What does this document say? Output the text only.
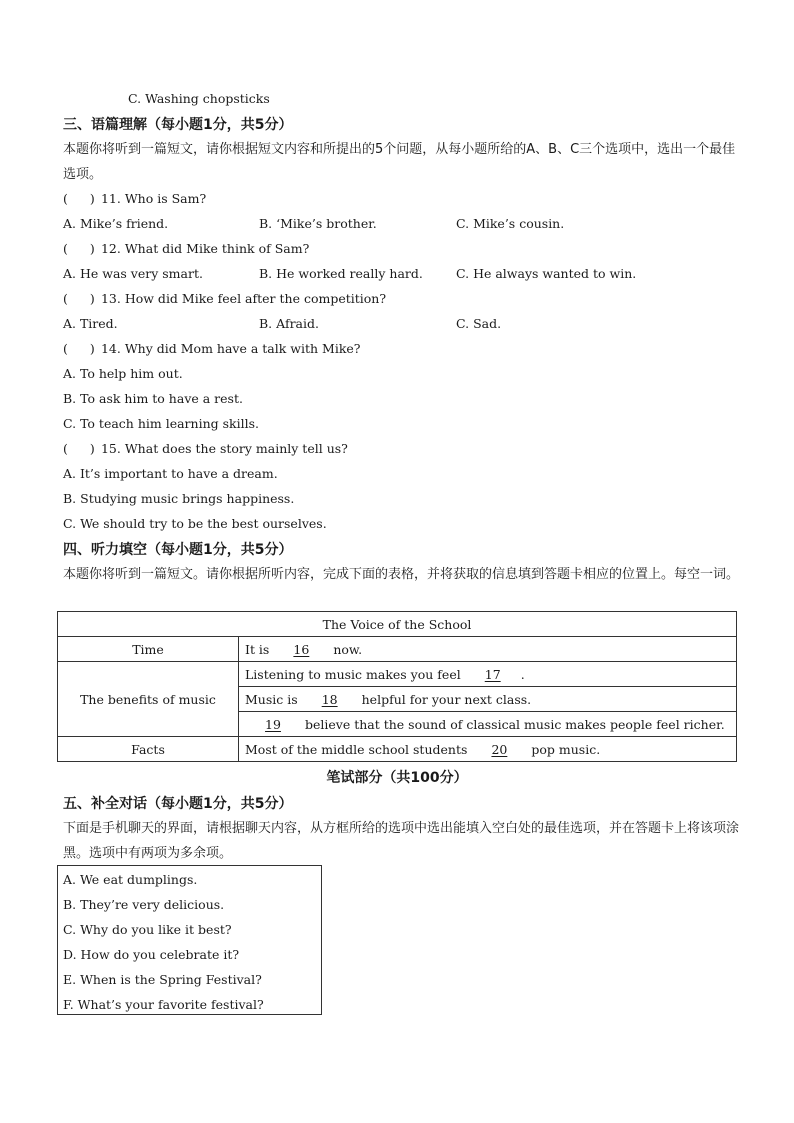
C. Washing chopsticks
三、语篇理解（每小题1分，共5分）
本题你将听到一篇短文，请你根据短文内容和所提出的5个问题，从每小题所给的A、B、C三个选项中，选出一个最佳选项。
( ) 11. Who is Sam?
A. Mike’s friend.	B. ‘Mike’s brother.	C. Mike’s cousin.
( ) 12. What did Mike think of Sam?
A. He was very smart.	B. He worked really hard.	C. He always wanted to win.
( ) 13. How did Mike feel after the competition?
A. Tired.	B. Afraid.	C. Sad.
( ) 14. Why did Mom have a talk with Mike?
A. To help him out.
B. To ask him to have a rest.
C. To teach him learning skills.
( ) 15. What does the story mainly tell us?
A. It’s important to have a dream.
B. Studying music brings happiness.
C. We should try to be the best ourselves.
四、听力填空（每小题1分，共5分）
本题你将听到一篇短文。请你根据所听内容，完成下面的表格，并将获取的信息填到答题卡相应的位置上。每空一词。
The Voice of the School	
Time	It is 16 now.
The benefits of music	Listening to music makes you feel 17 .
	Music is 18 helpful for your next class.
	19 believe that the sound of classical music makes people feel richer.
Facts	Most of the middle school students 20 pop music.
笔试部分（共100分）
五、补全对话（每小题1分，共5分）
下面是手机聊天的界面，请根据聊天内容，从方框所给的选项中选出能填入空白处的最佳选项，并在答题卡上将该项涂黑。选项中有两项为多余项。
A. We eat dumplings.
B. They’re very delicious.
C. Why do you like it best?
D. How do you celebrate it?
E. When is the Spring Festival?
F. What’s your favorite festival?
